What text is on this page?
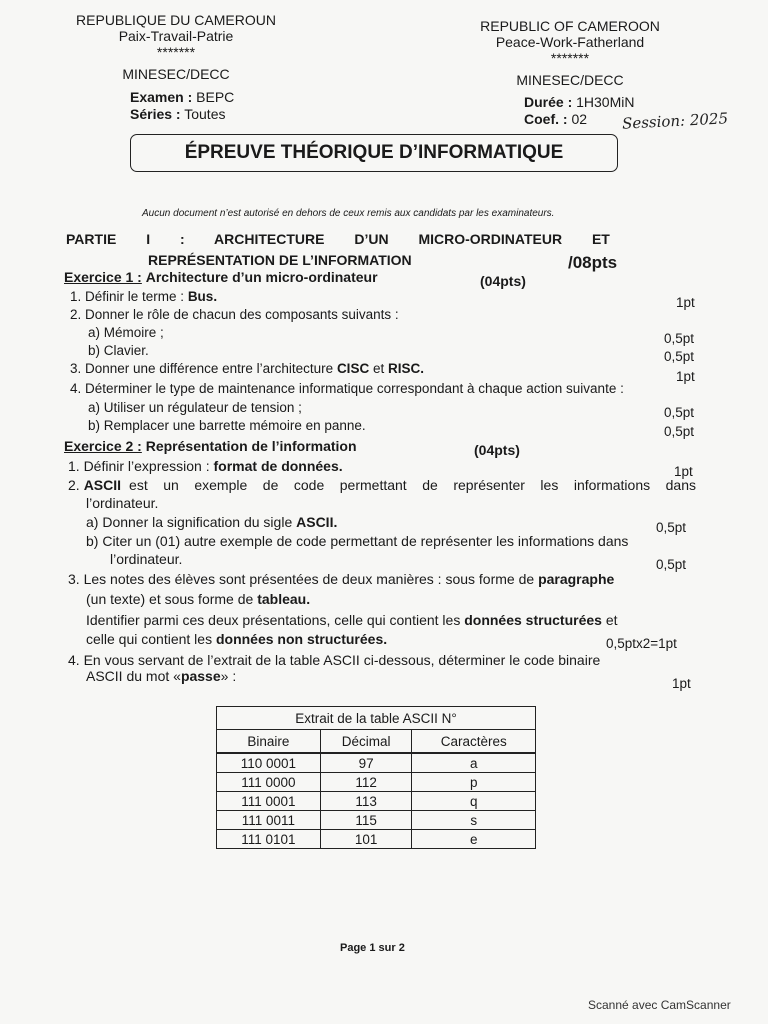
REPUBLIQUE DU CAMEROUN
Paix-Travail-Patrie
*******
MINESEC/DECC
Examen : BEPC
Séries : Toutes
REPUBLIC OF CAMEROON
Peace-Work-Fatherland
*******
MINESEC/DECC
Durée : 1H30MiN
Coef. : 02 Session: 2025
ÉPREUVE THÉORIQUE D’INFORMATIQUE
Aucun document n’est autorisé en dehors de ceux remis aux candidats par les examinateurs.
PARTIE I : ARCHITECTURE D’UN MICRO-ORDINATEUR ET
REPRÉSENTATION DE L’INFORMATION	/08pts
Exercice 1 : Architecture d’un micro-ordinateur	(04pts)
1. Définir le terme : Bus.	1pt
2. Donner le rôle de chacun des composants suivants :
a) Mémoire ;	0,5pt
b) Clavier.	0,5pt
3. Donner une différence entre l’architecture CISC et RISC.
1pt
4. Déterminer le type de maintenance informatique correspondant à chaque action suivante :
a) Utiliser un régulateur de tension ;	0,5pt
b) Remplacer une barrette mémoire en panne.	0,5pt
Exercice 2 : Représentation de l’information	(04pts)
1. Définir l’expression : format de données.	1pt
2. ASCII est un exemple de code permettant de représenter les informations dans
l’ordinateur.
a) Donner la signification du sigle ASCII.	0,5pt
b) Citer un (01) autre exemple de code permettant de représenter les informations dans
l’ordinateur.	0,5pt
3. Les notes des élèves sont présentées de deux manières : sous forme de paragraphe
(un texte) et sous forme de tableau.
Identifier parmi ces deux présentations, celle qui contient les données structurées et
celle qui contient les données non structurées.	0,5ptx2=1pt
4. En vous servant de l’extrait de la table ASCII ci-dessous, déterminer le code binaire
ASCII du mot «passe» :	1pt
Extrait de la table ASCII N°		
Binaire	Décimal	Caractères
110 0001	97	a
111 0000	112	p
111 0001	113	q
111 0011	115	s
111 0101	101	e
Page 1 sur 2
Scanné avec CamScanner
